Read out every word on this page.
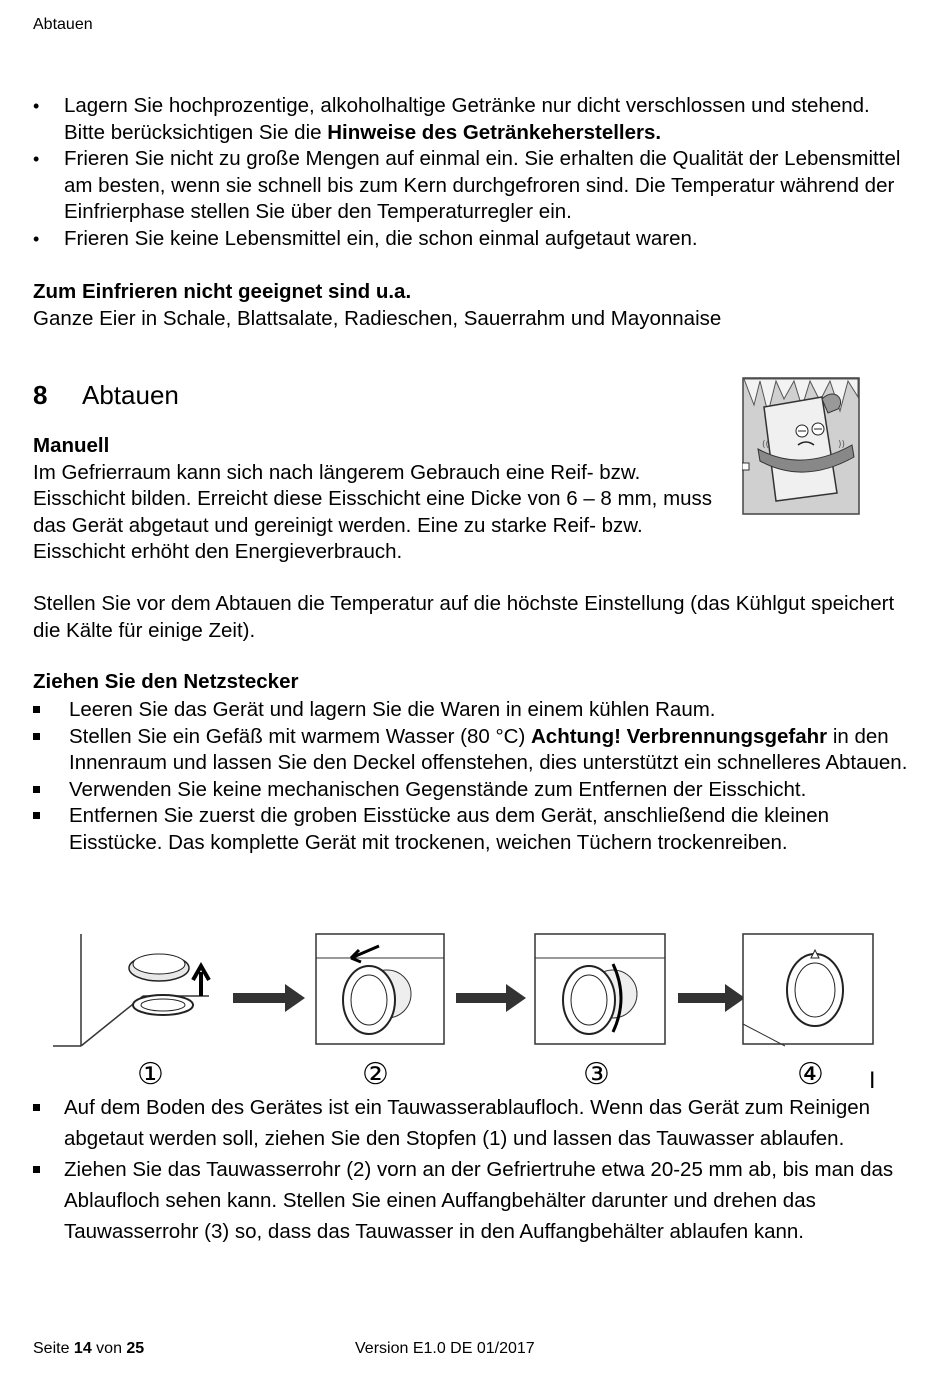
Abtauen
•
Lagern Sie hochprozentige, alkoholhaltige Getränke nur dicht verschlossen und stehend. Bitte berücksichtigen Sie die Hinweise des Getränkeherstellers.
•
Frieren Sie nicht zu große Mengen auf einmal ein. Sie erhalten die Qualität der Lebensmittel am besten, wenn sie schnell bis zum Kern durchgefroren sind. Die Temperatur während der Einfrierphase stellen Sie über den Temperaturregler ein.
•
Frieren Sie keine Lebensmittel ein, die schon einmal aufgetaut waren.
Zum Einfrieren nicht geeignet sind u.a.
Ganze Eier in Schale, Blattsalate, Radieschen, Sauerrahm und Mayonnaise
8 Abtauen
Manuell
Im Gefrierraum kann sich nach längerem Gebrauch eine Reif- bzw. Eisschicht bilden. Erreicht diese Eisschicht eine Dicke von 6 – 8 mm, muss das Gerät abgetaut und gereinigt werden. Eine zu starke Reif- bzw. Eisschicht erhöht den Energieverbrauch.
((	))
Stellen Sie vor dem Abtauen die Temperatur auf die höchste Einstellung (das Kühlgut speichert die Kälte für einige Zeit).
Ziehen Sie den Netzstecker
Leeren Sie das Gerät und lagern Sie die Waren in einem kühlen Raum.
Stellen Sie ein Gefäß mit warmem Wasser (80 °C) Achtung! Verbrennungsgefahr in den Innenraum und lassen Sie den Deckel offenstehen, dies unterstützt ein schnelleres Abtauen.
Verwenden Sie keine mechanischen Gegenstände zum Entfernen der Eisschicht.
Entfernen Sie zuerst die groben Eisstücke aus dem Gerät, anschließend die kleinen Eisstücke. Das komplette Gerät mit trockenen, weichen Tüchern trockenreiben.
①	②	③	④ I
Auf dem Boden des Gerätes ist ein Tauwasserablaufloch. Wenn das Gerät zum Reinigen abgetaut werden soll, ziehen Sie den Stopfen (1) und lassen das Tauwasser ablaufen.
Ziehen Sie das Tauwasserrohr (2) vorn an der Gefriertruhe etwa 20-25 mm ab, bis man das Ablaufloch sehen kann. Stellen Sie einen Auffangbehälter darunter und drehen das Tauwasserrohr (3) so, dass das Tauwasser in den Auffangbehälter ablaufen kann.
Seite 14 von 25	Version E1.0 DE 01/2017
